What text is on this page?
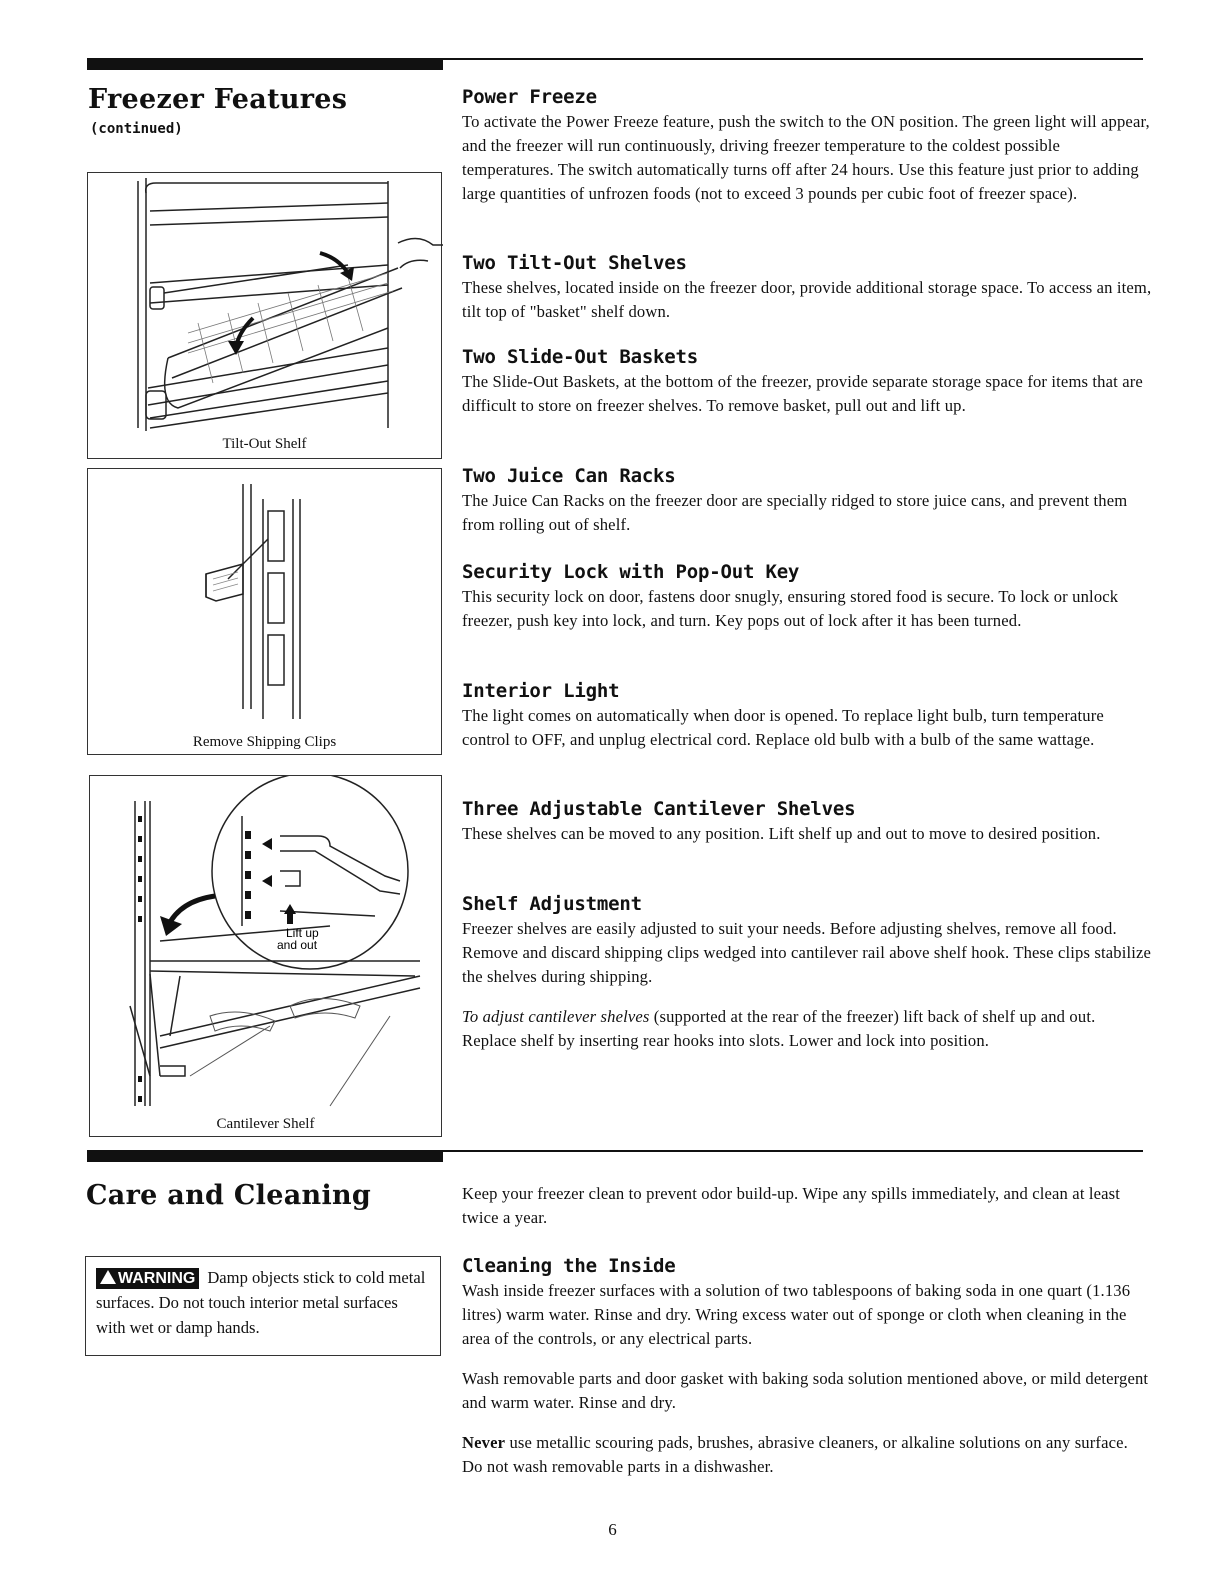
Freezer Features
(continued)
Tilt-Out Shelf
Remove Shipping Clips
Lift up
and out
Cantilever Shelf
Power Freeze

To activate the Power Freeze feature, push the switch to the ON position. The green light will appear, and the freezer will run continuously, driving freezer temperature to the coldest possible temperatures. The switch automatically turns off after 24 hours. Use this feature just prior to adding large quantities of unfrozen foods (not to exceed 3 pounds per cubic foot of freezer space).

Two Tilt-Out Shelves

These shelves, located inside on the freezer door, provide additional storage space. To access an item, tilt top of "basket" shelf down.

Two Slide-Out Baskets

The Slide-Out Baskets, at the bottom of the freezer, provide separate storage space for items that are difficult to store on freezer shelves. To remove basket, pull out and lift up.

Two Juice Can Racks

The Juice Can Racks on the freezer door are specially ridged to store juice cans, and prevent them from rolling out of shelf.

Security Lock with Pop-Out Key

This security lock on door, fastens door snugly, ensuring stored food is secure. To lock or unlock freezer, push key into lock, and turn. Key pops out of lock after it has been turned.

Interior Light

The light comes on automatically when door is opened. To replace light bulb, turn temperature control to OFF, and unplug electrical cord. Replace old bulb with a bulb of the same wattage.

Three Adjustable Cantilever Shelves

These shelves can be moved to any position. Lift shelf up and out to move to desired position.

Shelf Adjustment

Freezer shelves are easily adjusted to suit your needs. Before adjusting shelves, remove all food. Remove and discard shipping clips wedged into cantilever rail above shelf hook. These clips stabilize the shelves during shipping.

To adjust cantilever shelves (supported at the rear of the freezer) lift back of shelf up and out. Replace shelf by inserting rear hooks into slots. Lower and lock into position.

Care and Cleaning
WARNING Damp objects stick to cold metal surfaces. Do not touch interior metal surfaces with wet or damp hands.

Keep your freezer clean to prevent odor build-up. Wipe any spills immediately, and clean at least twice a year.

Cleaning the Inside

Wash inside freezer surfaces with a solution of two tablespoons of baking soda in one quart (1.136 litres) warm water. Rinse and dry. Wring excess water out of sponge or cloth when cleaning in the area of the controls, or any electrical parts.

Wash removable parts and door gasket with baking soda solution mentioned above, or mild detergent and warm water. Rinse and dry.

Never use metallic scouring pads, brushes, abrasive cleaners, or alkaline solutions on any surface. Do not wash removable parts in a dishwasher.

6
